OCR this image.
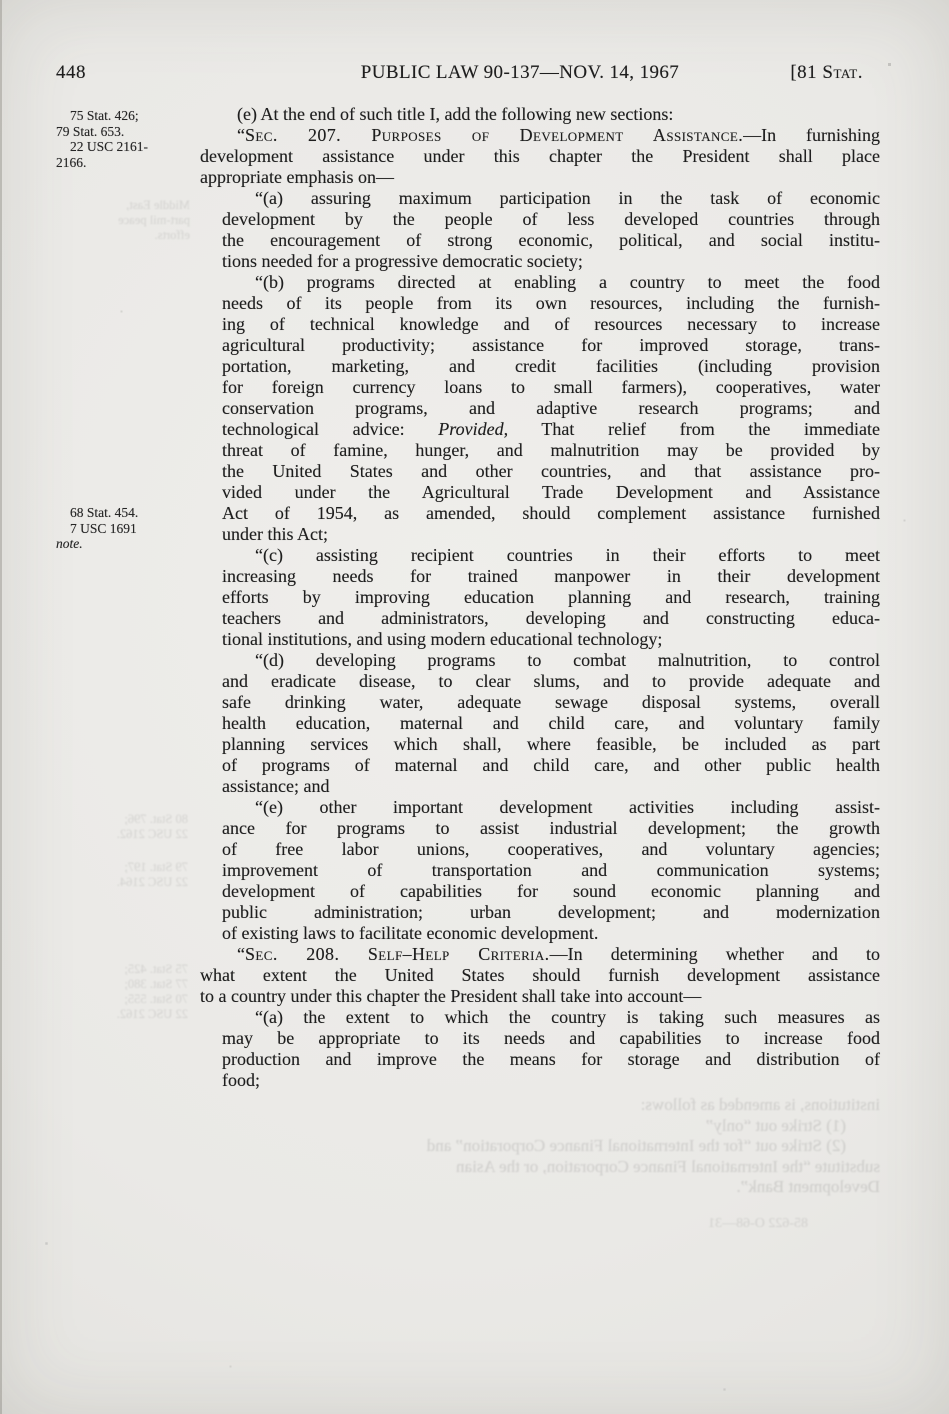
448	PUBLIC LAW 90-137—NOV. 14, 1967	[81 Stat.
75 Stat. 426;
79 Stat. 653.
22 USC 2161-
2166.
68 Stat. 454.
7 USC 1691
note.
(e) At the end of such title I, add the following new sections:
“Sec. 207. Purposes of Development Assistance.—In furnishing
development assistance under this chapter the President shall place
appropriate emphasis on—
“(a) assuring maximum participation in the task of economic
development by the people of less developed countries through
the encouragement of strong economic, political, and social institu-
tions needed for a progressive democratic society;
“(b) programs directed at enabling a country to meet the food
needs of its people from its own resources, including the furnish-
ing of technical knowledge and of resources necessary to increase
agricultural productivity; assistance for improved storage, trans-
portation, marketing, and credit facilities (including provision
for foreign currency loans to small farmers), cooperatives, water
conservation programs, and adaptive research programs; and
technological advice: Provided, That relief from the immediate
threat of famine, hunger, and malnutrition may be provided by
the United States and other countries, and that assistance pro-
vided under the Agricultural Trade Development and Assistance
Act of 1954, as amended, should complement assistance furnished
under this Act;
“(c) assisting recipient countries in their efforts to meet
increasing needs for trained manpower in their development
efforts by improving education planning and research, training
teachers and administrators, developing and constructing educa-
tional institutions, and using modern educational technology;
“(d) developing programs to combat malnutrition, to control
and eradicate disease, to clear slums, and to provide adequate and
safe drinking water, adequate sewage disposal systems, overall
health education, maternal and child care, and voluntary family
planning services which shall, where feasible, be included as part
of programs of maternal and child care, and other public health
assistance; and
“(e) other important development activities including assist-
ance for programs to assist industrial development; the growth
of free labor unions, cooperatives, and voluntary agencies;
improvement of transportation and communication systems;
development of capabilities for sound economic planning and
public administration; urban development; and modernization
of existing laws to facilitate economic development.
“Sec. 208. Self–Help Criteria.—In determining whether and to
what extent the United States should furnish development assistance
to a country under this chapter the President shall take into account—
“(a) the extent to which the country is taking such measures as
may be appropriate to its needs and capabilities to increase food
production and improve the means for storage and distribution of
food;
institutions, is amended as follows:
(1) Strike out “only”
(2) Strike out “for the International Finance Corporation” and
substitute “the International Finance Corporation, or the Asian
Development Bank”.
85-622 O-68—31
Middle East,
part-mil peace
efforts.
80 Stat. 796;
22 USC 2162.
79 Stat. 197;
22 USC 2164.
75 Stat. 425;
77 Stat. 380;
70 Stat. 555;
22 USC 2162.
